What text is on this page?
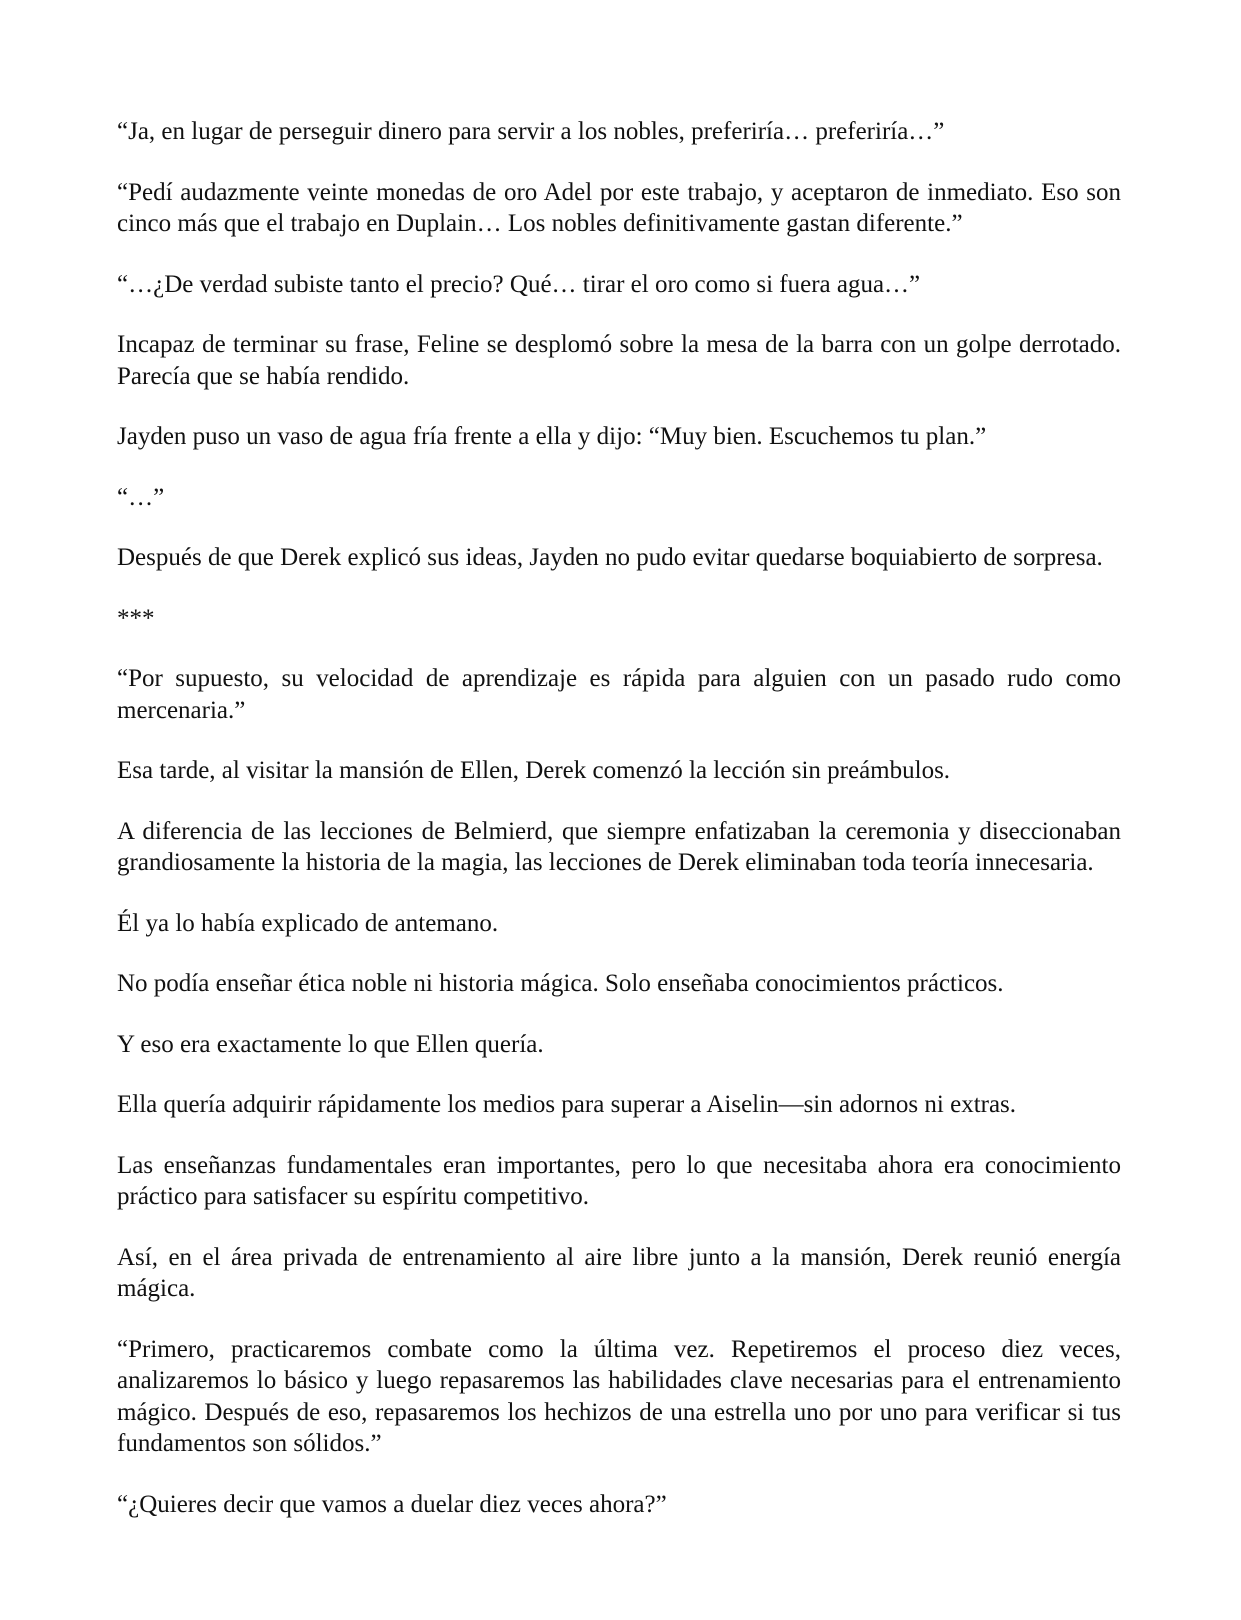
“Ja, en lugar de perseguir dinero para servir a los nobles, preferiría… preferiría…”

“Pedí audazmente veinte monedas de oro Adel por este trabajo, y aceptaron de inmediato. Eso son cinco más que el trabajo en Duplain… Los nobles definitivamente gastan diferente.”

“…¿De verdad subiste tanto el precio? Qué… tirar el oro como si fuera agua…”

Incapaz de terminar su frase, Feline se desplomó sobre la mesa de la barra con un golpe derrotado. Parecía que se había rendido.

Jayden puso un vaso de agua fría frente a ella y dijo: “Muy bien. Escuchemos tu plan.”

“…”

Después de que Derek explicó sus ideas, Jayden no pudo evitar quedarse boquiabierto de sorpresa.

***

“Por supuesto, su velocidad de aprendizaje es rápida para alguien con un pasado rudo como mercenaria.”

Esa tarde, al visitar la mansión de Ellen, Derek comenzó la lección sin preámbulos.

A diferencia de las lecciones de Belmierd, que siempre enfatizaban la ceremonia y diseccionaban grandiosamente la historia de la magia, las lecciones de Derek eliminaban toda teoría innecesaria.

Él ya lo había explicado de antemano.

No podía enseñar ética noble ni historia mágica. Solo enseñaba conocimientos prácticos.

Y eso era exactamente lo que Ellen quería.

Ella quería adquirir rápidamente los medios para superar a Aiselin—sin adornos ni extras.

Las enseñanzas fundamentales eran importantes, pero lo que necesitaba ahora era conocimiento práctico para satisfacer su espíritu competitivo.

Así, en el área privada de entrenamiento al aire libre junto a la mansión, Derek reunió energía mágica.

“Primero, practicaremos combate como la última vez. Repetiremos el proceso diez veces, analizaremos lo básico y luego repasaremos las habilidades clave necesarias para el entrenamiento mágico. Después de eso, repasaremos los hechizos de una estrella uno por uno para verificar si tus fundamentos son sólidos.”

“¿Quieres decir que vamos a duelar diez veces ahora?”
